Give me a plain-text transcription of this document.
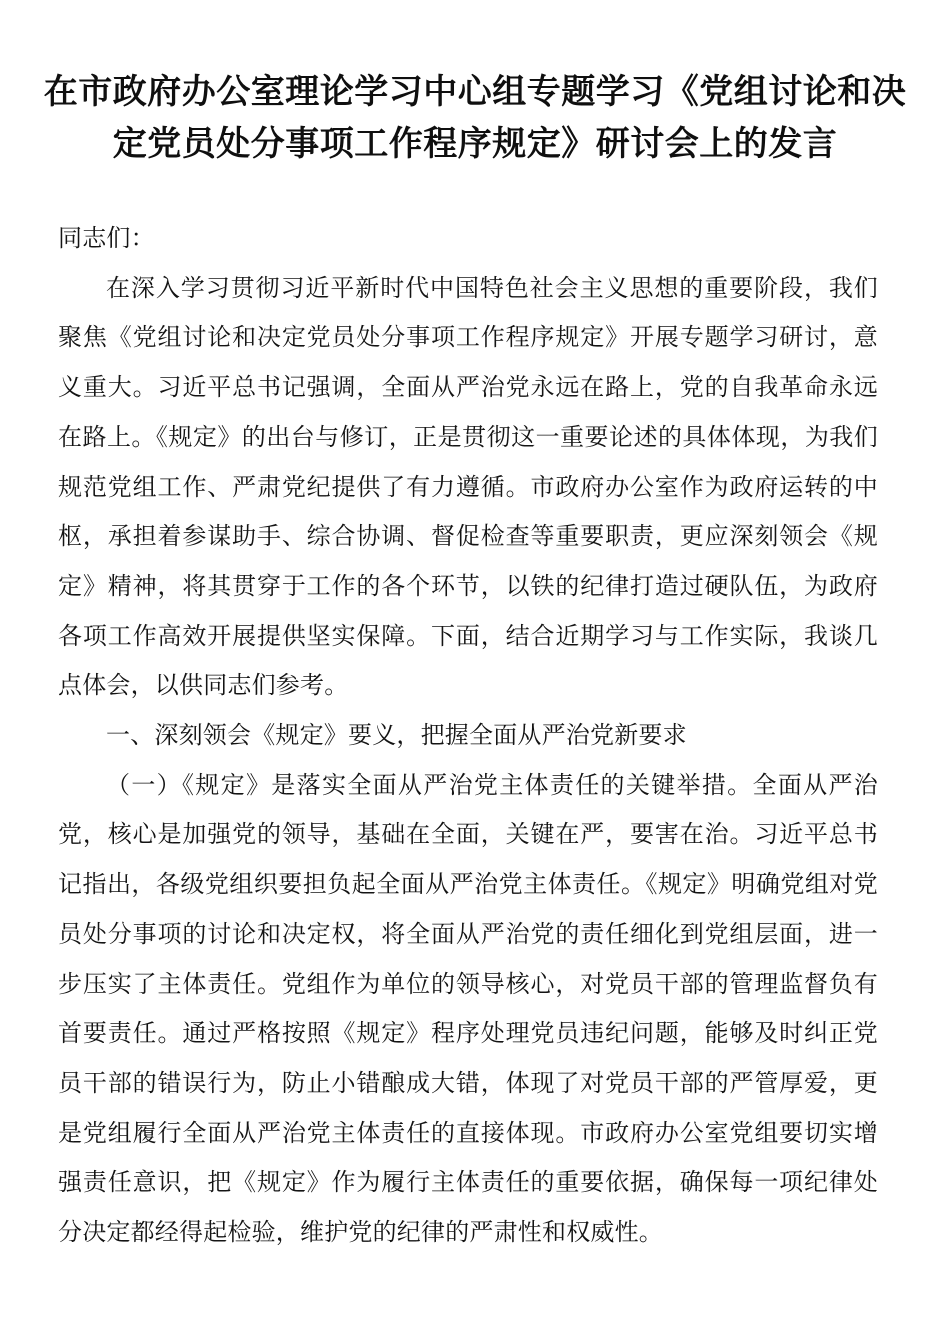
在市政府办公室理论学习中心组专题学习《党组讨论和决定党员处分事项工作程序规定》研讨会上的发言

同志们：

在深入学习贯彻习近平新时代中国特色社会主义思想的重要阶段，我们聚焦《党组讨论和决定党员处分事项工作程序规定》开展专题学习研讨，意义重大。习近平总书记强调，全面从严治党永远在路上，党的自我革命永远在路上。《规定》的出台与修订，正是贯彻这一重要论述的具体体现，为我们规范党组工作、严肃党纪提供了有力遵循。市政府办公室作为政府运转的中枢，承担着参谋助手、综合协调、督促检查等重要职责，更应深刻领会《规定》精神，将其贯穿于工作的各个环节，以铁的纪律打造过硬队伍，为政府各项工作高效开展提供坚实保障。下面，结合近期学习与工作实际，我谈几点体会，以供同志们参考。

一、深刻领会《规定》要义，把握全面从严治党新要求

（一）《规定》是落实全面从严治党主体责任的关键举措。全面从严治党，核心是加强党的领导，基础在全面，关键在严，要害在治。习近平总书记指出，各级党组织要担负起全面从严治党主体责任。《规定》明确党组对党员处分事项的讨论和决定权，将全面从严治党的责任细化到党组层面，进一步压实了主体责任。党组作为单位的领导核心，对党员干部的管理监督负有首要责任。通过严格按照《规定》程序处理党员违纪问题，能够及时纠正党员干部的错误行为，防止小错酿成大错，体现了对党员干部的严管厚爱，更是党组履行全面从严治党主体责任的直接体现。市政府办公室党组要切实增强责任意识，把《规定》作为履行主体责任的重要依据，确保每一项纪律处分决定都经得起检验，维护党的纪律的严肃性和权威性。
